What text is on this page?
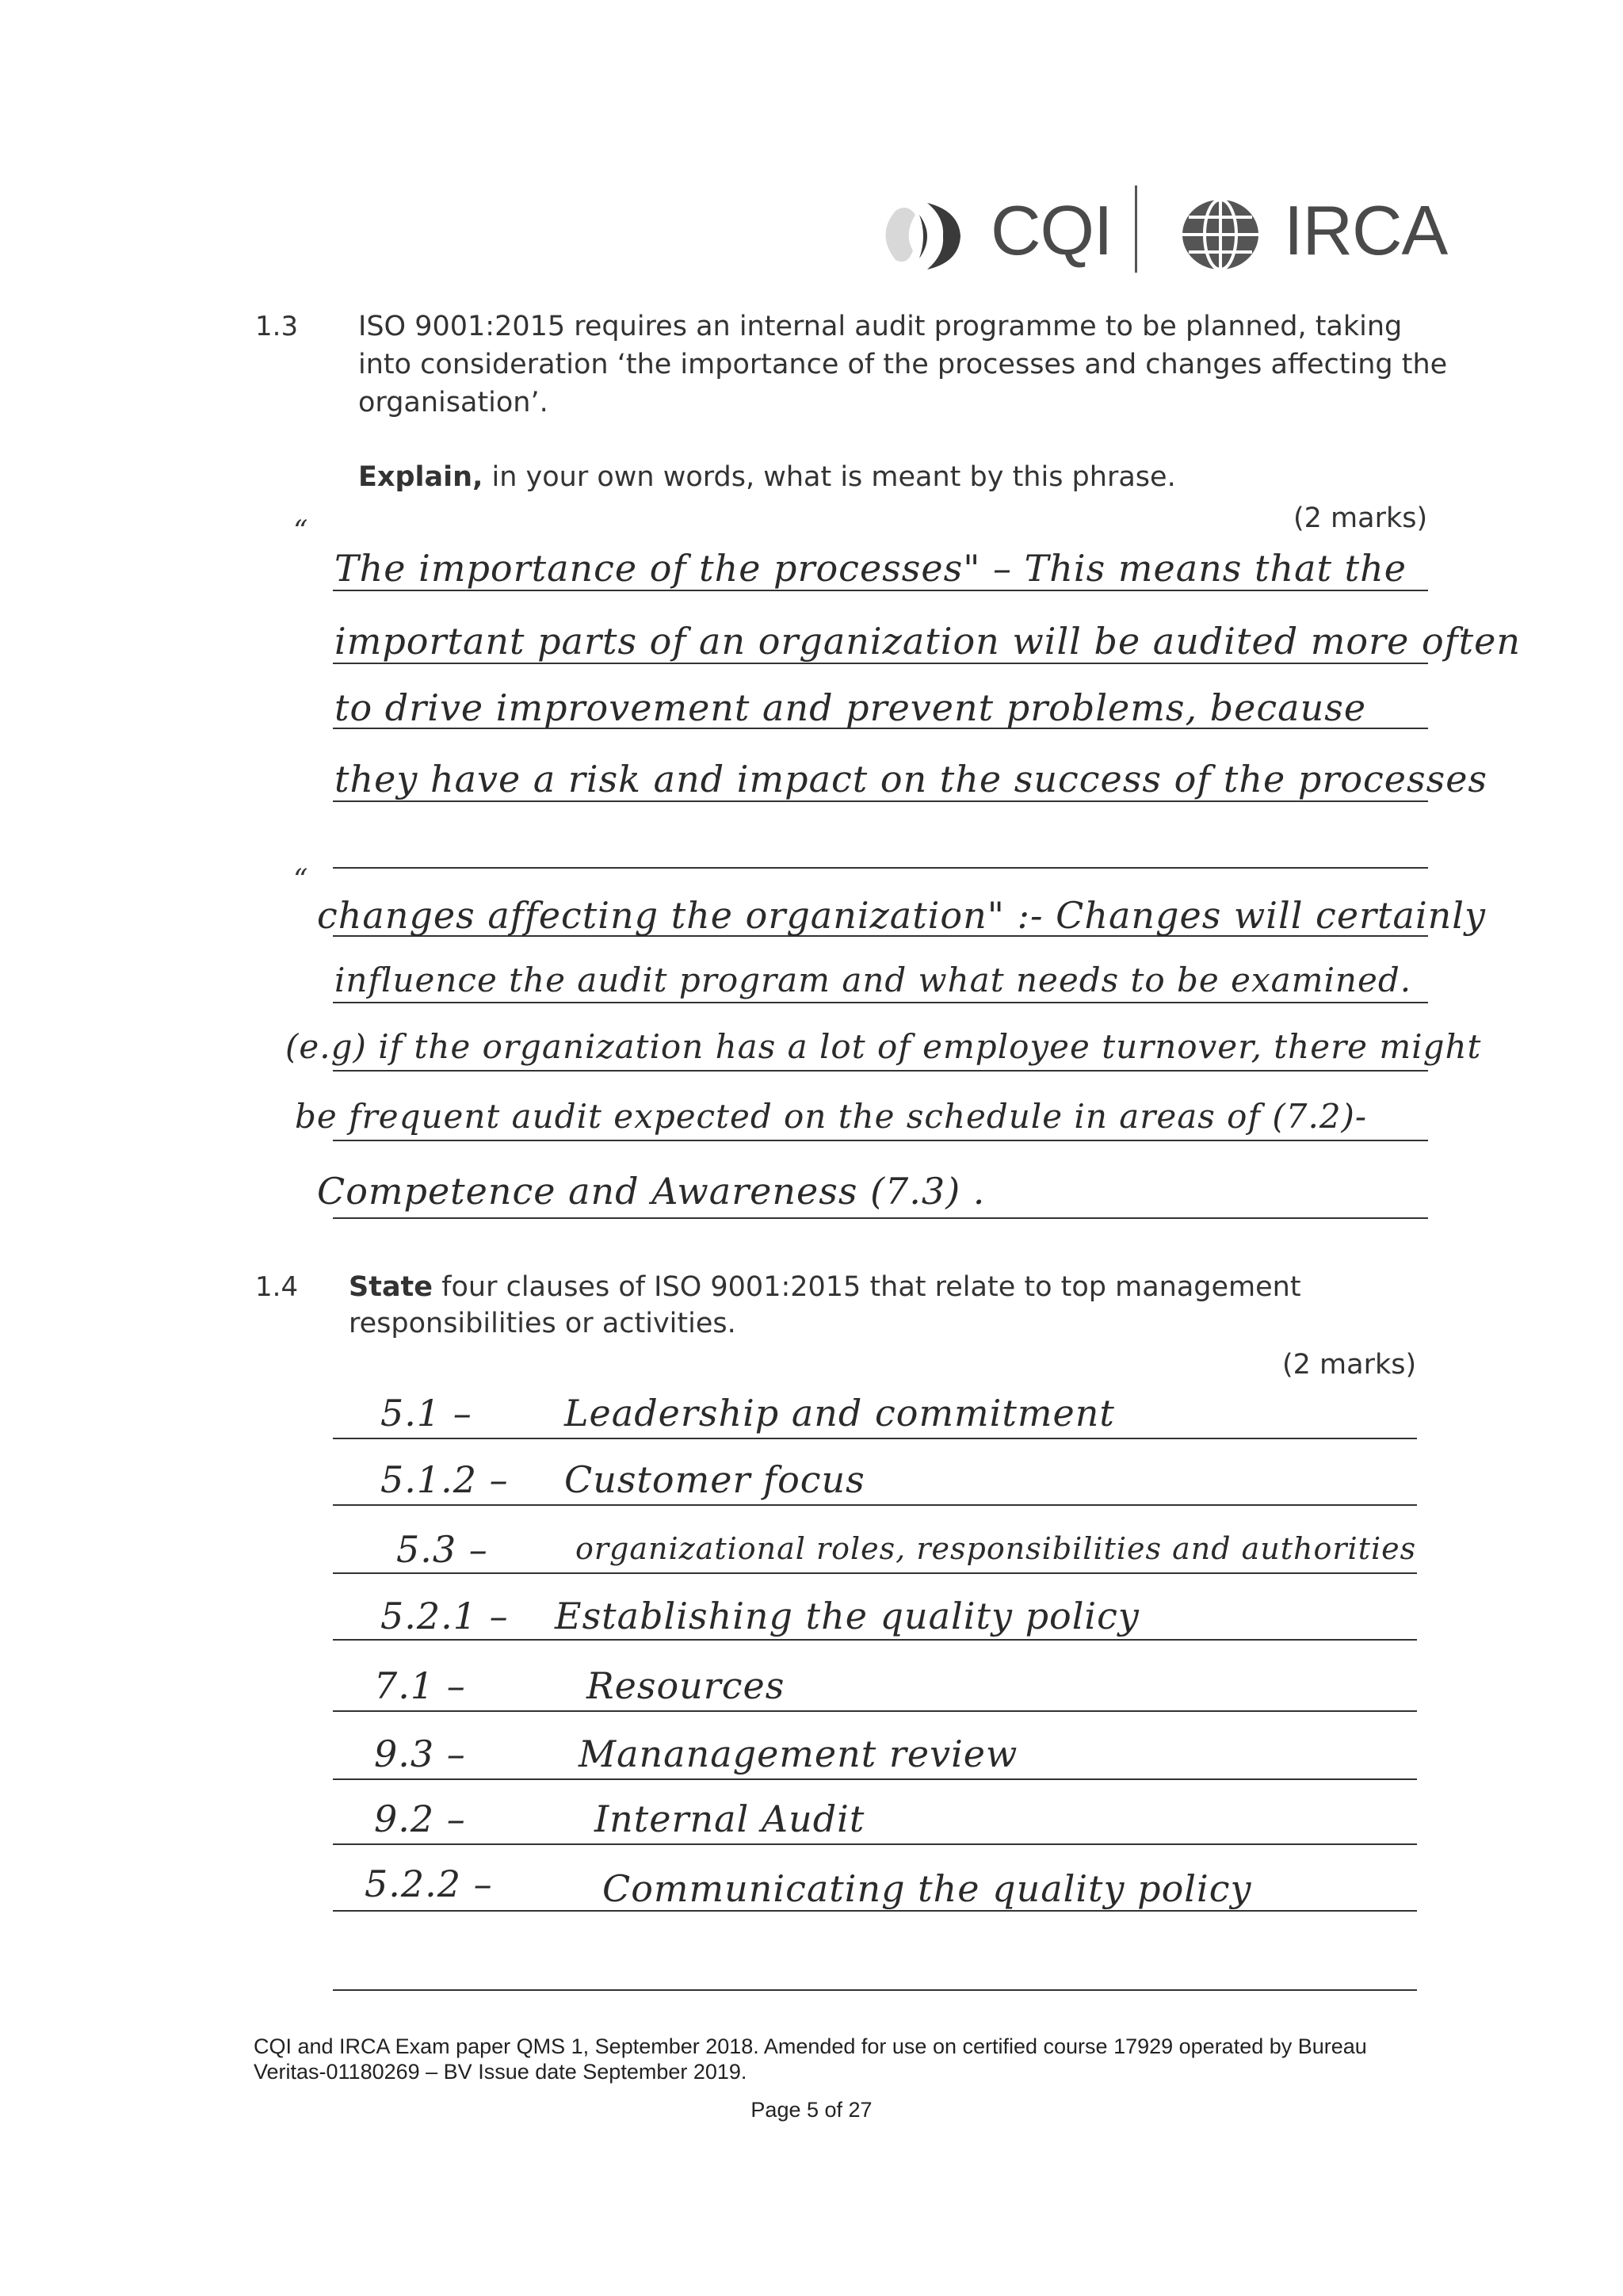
CQI IRCA
1.3 ISO 9001:2015 requires an internal audit programme to be planned, taking
into consideration ‘the importance of the processes and changes affecting the
organisation’.
Explain, in your own words, what is meant by this phrase.
(2 marks)
“
The importance of the processes" – This means that the
important parts of an organization will be audited more often
to drive improvement and prevent problems, because
they have a risk and impact on the success of the processes
“
changes affecting the organization" :- Changes will certainly
influence the audit program and what needs to be examined.
(e.g) if the organization has a lot of employee turnover, there might
be frequent audit expected on the schedule in areas of (7.2)-
Competence and Awareness (7.3) .
1.4 State four clauses of ISO 9001:2015 that relate to top management
responsibilities or activities.
(2 marks)
5.1 –	Leadership and commitment
5.1.2 – Customer focus
5.3 –	organizational roles, responsibilities and authorities
5.2.1 – Establishing the quality policy
7.1 –	Resources
9.3 –	Mananagement review
9.2 –	Internal Audit
5.2.2 –	Communicating the quality policy
CQI and IRCA Exam paper QMS 1, September 2018. Amended for use on certified course 17929 operated by Bureau
Veritas-01180269 – BV Issue date September 2019.
Page 5 of 27
